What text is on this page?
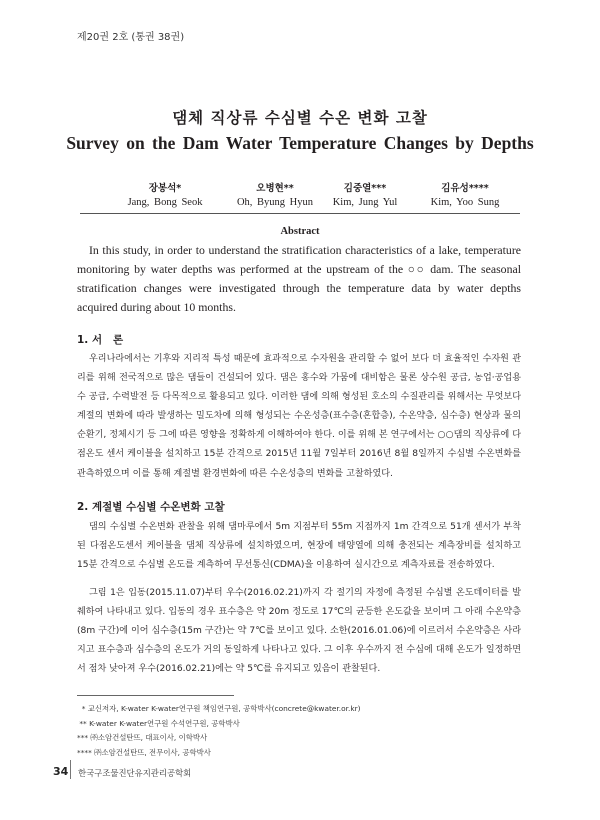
제20권 2호 (통권 38권)
댐체 직상류 수심별 수온 변화 고찰
Survey on the Dam Water Temperature Changes by Depths
장봉석*
Jang, Bong Seok
오병현**
Oh, Byung Hyun
김중열***
Kim, Jung Yul
김유성****
Kim, Yoo Sung
Abstract

In this study, in order to understand the stratification characteristics of a lake, temperature monitoring by water depths was performed at the upstream of the ○○ dam. The seasonal stratification changes were investigated through the temperature data by water depths acquired during about 10 months.

1. 서   론

우리나라에서는 기후와 지리적 특성 때문에 효과적으로 수자원을 관리할 수 없어 보다 더 효율적인 수자원 관리를 위해 전국적으로 많은 댐들이 건설되어 있다. 댐은 홍수와 가뭄에 대비함은 물론 상수원 공급, 농업·공업용수 공급, 수력발전 등 다목적으로 활용되고 있다. 이러한 댐에 의해 형성된 호소의 수질관리를 위해서는 무엇보다 계절의 변화에 따라 발생하는 밀도차에 의해 형성되는 수온성층(표수층(혼합층), 수온약층, 심수층) 현상과 물의 순환기, 정체시기 등 그에 따른 영향을 정확하게 이해하여야 한다. 이를 위해 본 연구에서는 ○○댐의 직상류에 다점온도 센서 케이블을 설치하고 15분 간격으로 2015년 11월 7일부터 2016년 8월 8일까지 수심별 수온변화를 관측하였으며 이를 통해 계절별 환경변화에 따른 수온성층의 변화를 고찰하였다.

2. 계절별 수심별 수온변화 고찰

댐의 수심별 수온변화 관찰을 위해 댐마루에서 5m 지점부터 55m 지점까지 1m 간격으로 51개 센서가 부착된 다점온도센서 케이블을 댐체 직상류에 설치하였으며, 현장에 태양열에 의해 충전되는 계측장비를 설치하고 15분 간격으로 수심별 온도를 계측하여 무선통신(CDMA)을 이용하여 실시간으로 계측자료를 전송하였다.

그림 1은 입동(2015.11.07)부터 우수(2016.02.21)까지 각 절기의 자정에 측정된 수심별 온도데이터를 발췌하여 나타내고 있다. 입동의 경우 표수층은 약 20m 정도로 17℃의 균등한 온도값을 보이며 그 아래 수온약층(8m 구간)에 이어 심수층(15m 구간)는 약 7℃를 보이고 있다. 소한(2016.01.06)에 이르러서 수온약층은 사라지고 표수층과 심수층의 온도가 거의 동일하게 나타나고 있다. 그 이후 우수까지 전 수심에 대해 온도가 일정하면서 점차 낮아져 우수(2016.02.21)에는 약 5℃를 유지되고 있음이 관찰된다.

* 교신저자, K-water K-water연구원 책임연구원, 공학박사(concrete@kwater.or.kr)
** K-water K-water연구원 수석연구원, 공학박사
*** ㈜소암건설탄뜨, 대표이사, 이학박사
**** ㈜소암건설탄뜨, 전무이사, 공학박사
34 한국구조물진단유지관리공학회
